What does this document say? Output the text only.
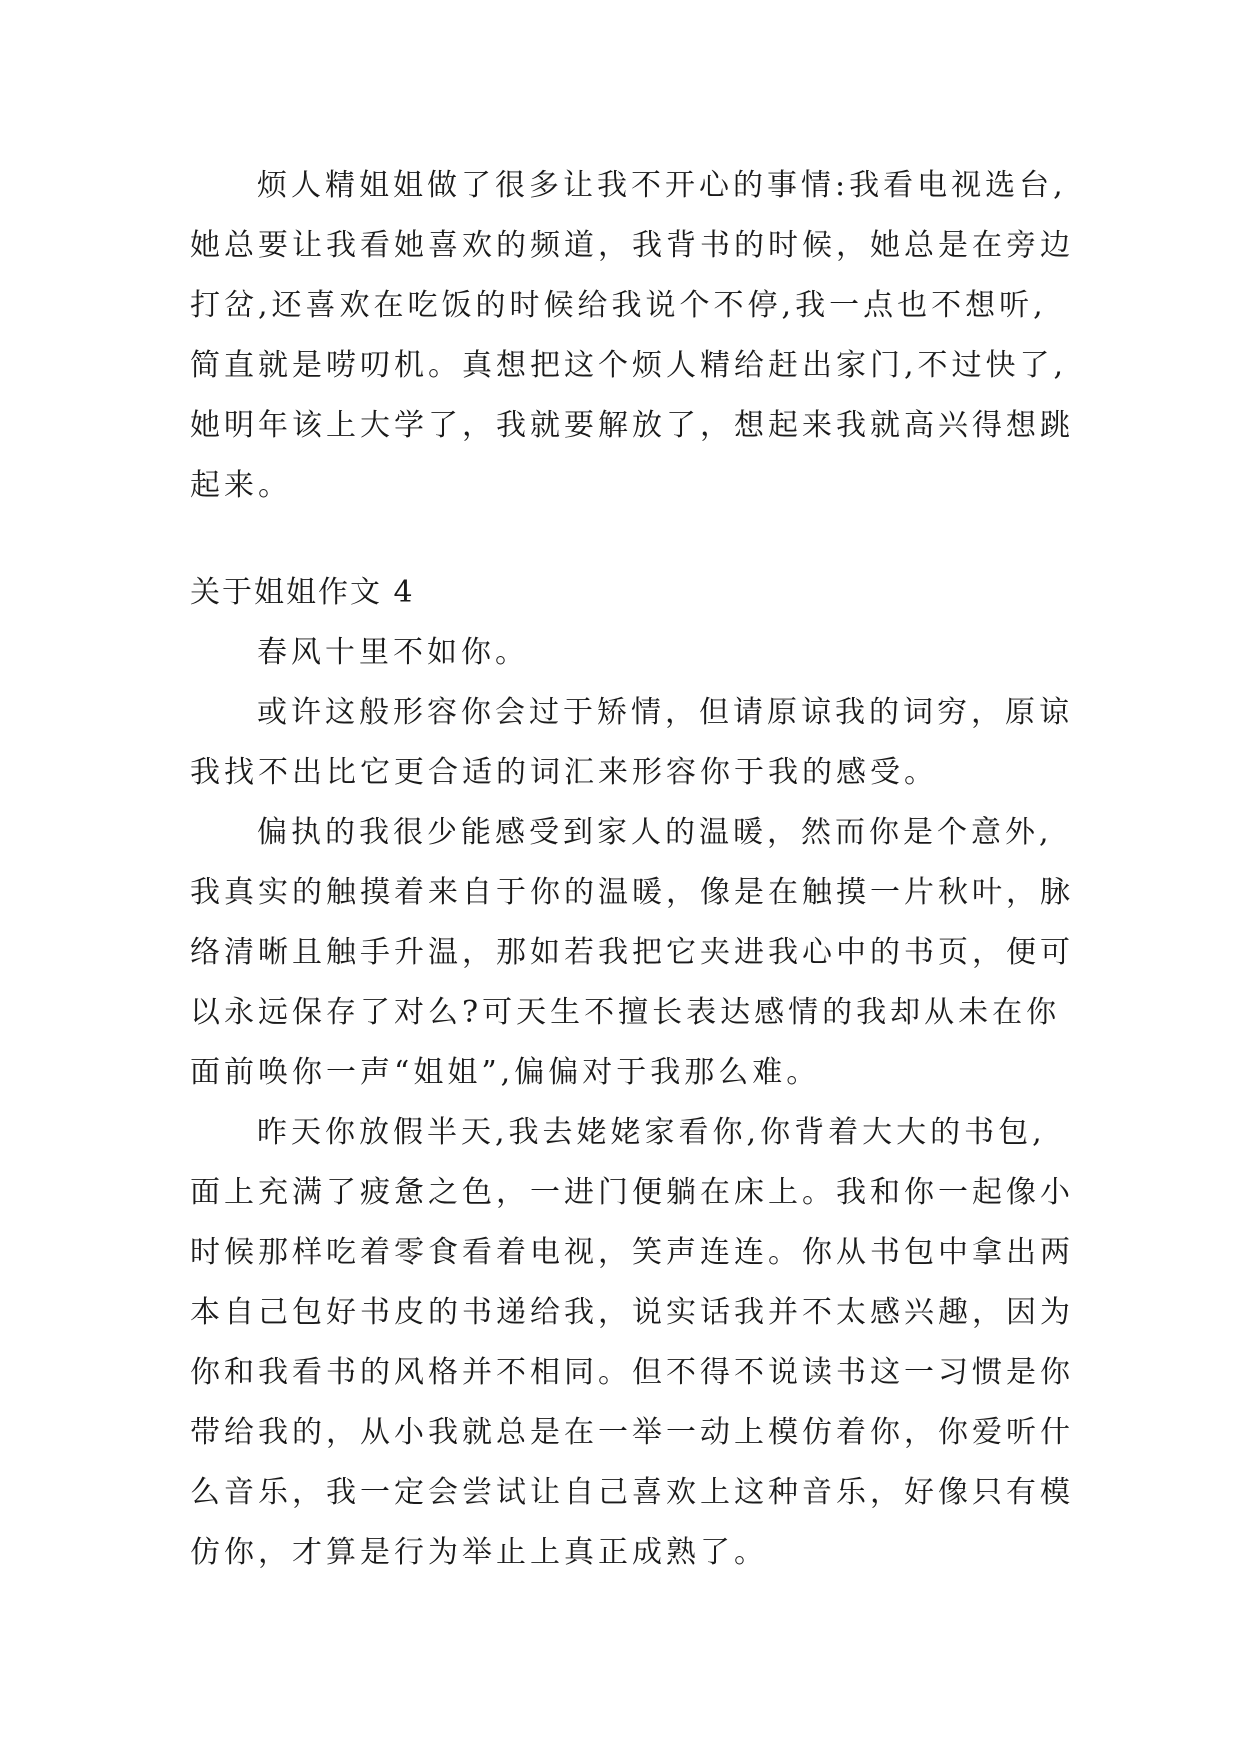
烦人精姐姐做了很多让我不开心的事情:我看电视选台,
她总要让我看她喜欢的频道，我背书的时候，她总是在旁边
打岔,还喜欢在吃饭的时候给我说个不停,我一点也不想听,
简直就是唠叨机。真想把这个烦人精给赶出家门,不过快了,
她明年该上大学了，我就要解放了，想起来我就高兴得想跳
起来。
关于姐姐作文 4
春风十里不如你。
或许这般形容你会过于矫情，但请原谅我的词穷，原谅
我找不出比它更合适的词汇来形容你于我的感受。
偏执的我很少能感受到家人的温暖，然而你是个意外,
我真实的触摸着来自于你的温暖，像是在触摸一片秋叶，脉
络清晰且触手升温，那如若我把它夹进我心中的书页，便可
以永远保存了对么?可天生不擅长表达感情的我却从未在你
面前唤你一声“姐姐”,偏偏对于我那么难。
昨天你放假半天,我去姥姥家看你,你背着大大的书包,
面上充满了疲惫之色，一进门便躺在床上。我和你一起像小
时候那样吃着零食看着电视，笑声连连。你从书包中拿出两
本自己包好书皮的书递给我，说实话我并不太感兴趣，因为
你和我看书的风格并不相同。但不得不说读书这一习惯是你
带给我的，从小我就总是在一举一动上模仿着你，你爱听什
么音乐，我一定会尝试让自己喜欢上这种音乐，好像只有模
仿你，才算是行为举止上真正成熟了。
